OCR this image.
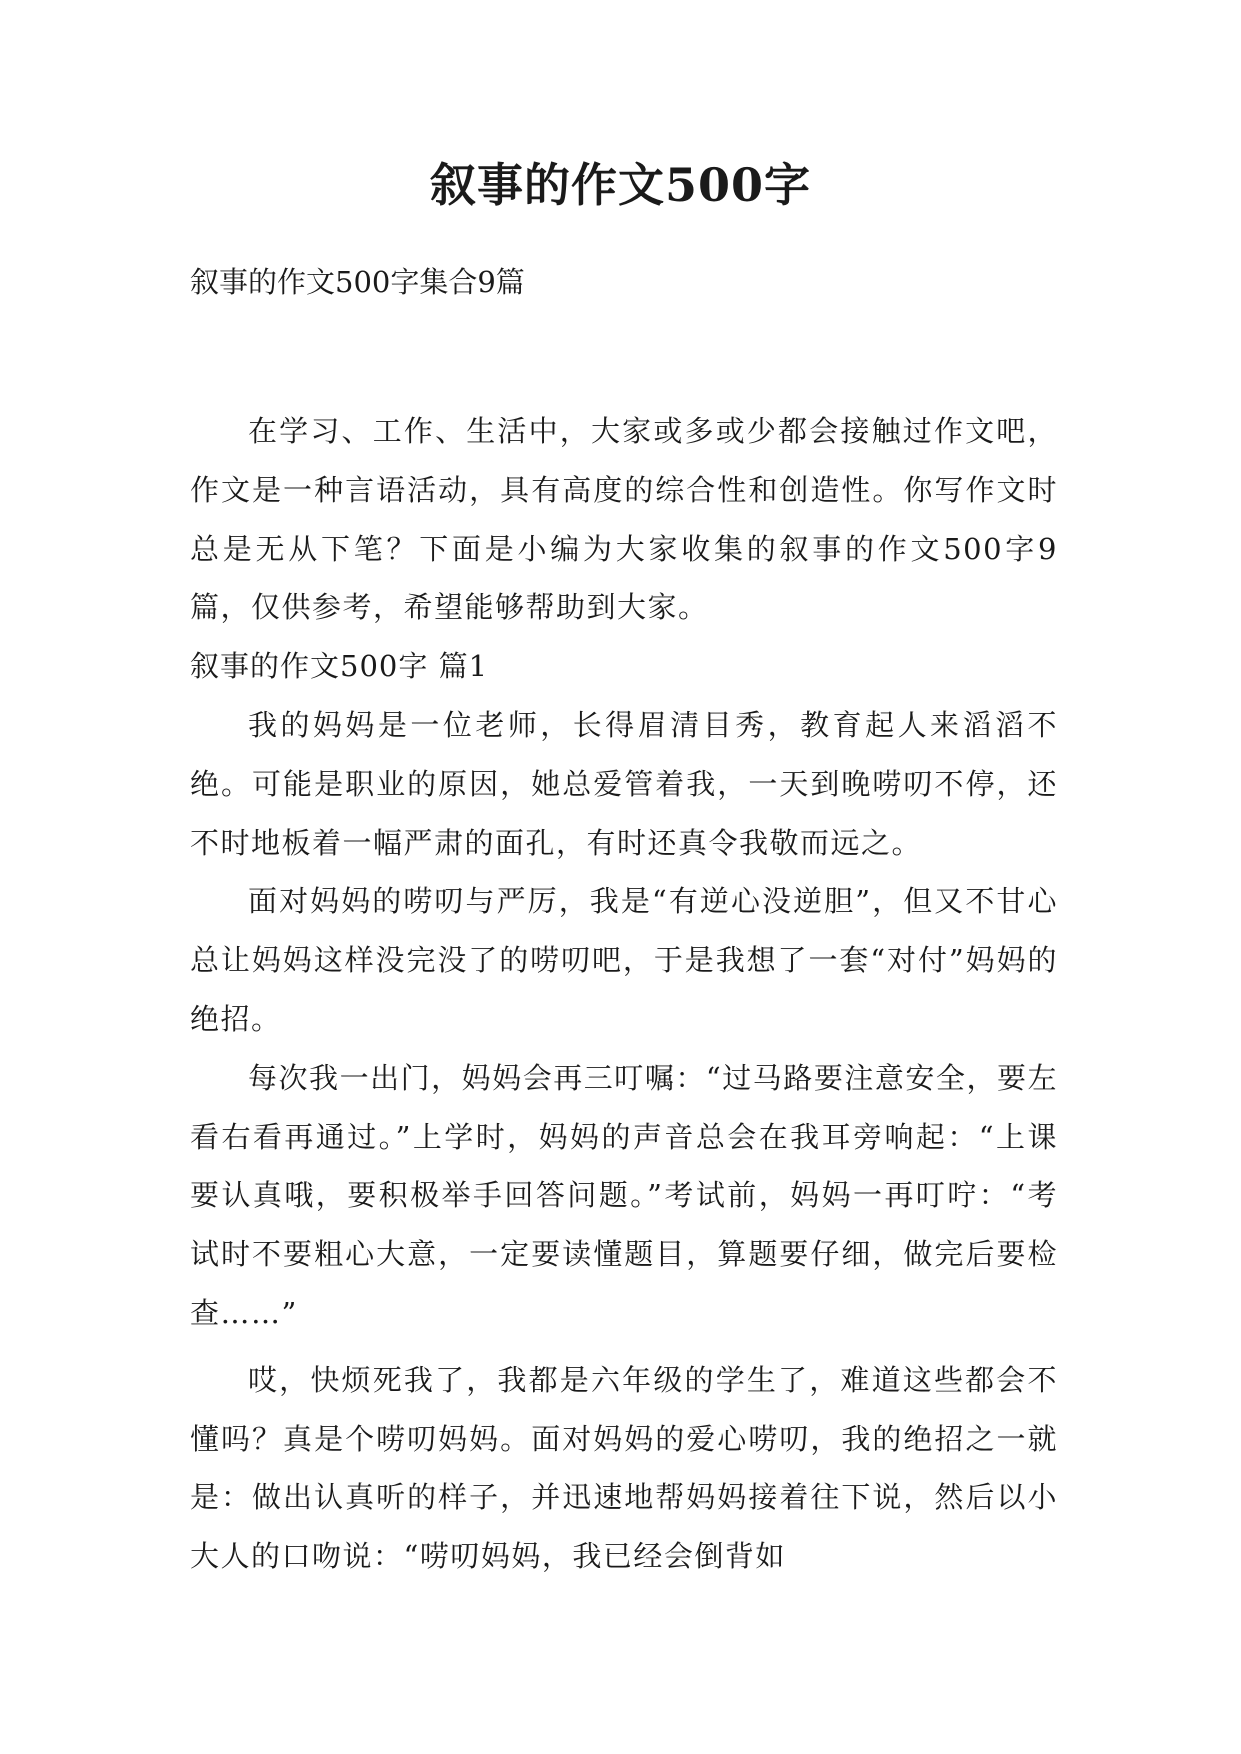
叙事的作文500字

叙事的作文500字集合9篇

在学习、工作、生活中，大家或多或少都会接触过作文吧，作文是一种言语活动，具有高度的综合性和创造性。你写作文时总是无从下笔？下面是小编为大家收集的叙事的作文500字9篇，仅供参考，希望能够帮助到大家。

叙事的作文500字 篇1

我的妈妈是一位老师，长得眉清目秀，教育起人来滔滔不绝。可能是职业的原因，她总爱管着我，一天到晚唠叨不停，还不时地板着一幅严肃的面孔，有时还真令我敬而远之。

面对妈妈的唠叨与严厉，我是“有逆心没逆胆”，但又不甘心总让妈妈这样没完没了的唠叨吧，于是我想了一套“对付”妈妈的绝招。

每次我一出门，妈妈会再三叮嘱：“过马路要注意安全，要左看右看再通过。”上学时，妈妈的声音总会在我耳旁响起：“上课要认真哦，要积极举手回答问题。”考试前，妈妈一再叮咛：“考试时不要粗心大意，一定要读懂题目，算题要仔细，做完后要检查……”

哎，快烦死我了，我都是六年级的学生了，难道这些都会不懂吗？真是个唠叨妈妈。面对妈妈的爱心唠叨，我的绝招之一就是：做出认真听的样子，并迅速地帮妈妈接着往下说，然后以小大人的口吻说：“唠叨妈妈，我已经会倒背如
